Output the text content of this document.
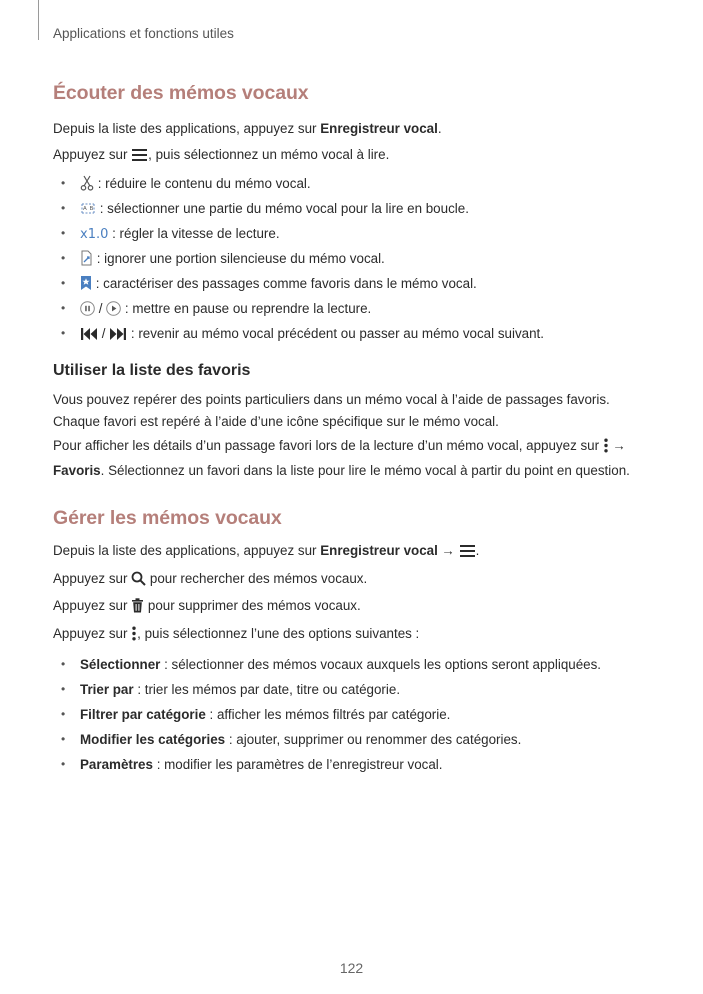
Applications et fonctions utiles
Écouter des mémos vocaux

Depuis la liste des applications, appuyez sur Enregistreur vocal.

Appuyez sur , puis sélectionnez un mémo vocal à lire.

• : réduire le contenu du mémo vocal.
•	A B : sélectionner une partie du mémo vocal pour la lire en boucle.
• x1.0 : régler la vitesse de lecture.
• : ignorer une portion silencieuse du mémo vocal.
• : caractériser des passages comme favoris dans le mémo vocal.
• /  : mettre en pause ou reprendre la lecture.
• /  : revenir au mémo vocal précédent ou passer au mémo vocal suivant.
Utiliser la liste des favoris

Vous pouvez repérer des points particuliers dans un mémo vocal à l’aide de passages favoris. Chaque favori est repéré à l’aide d’une icône spécifique sur le mémo vocal.

Pour afficher les détails d’un passage favori lors de la lecture d’un mémo vocal, appuyez sur  →
Favoris. Sélectionnez un favori dans la liste pour lire le mémo vocal à partir du point en question.

Gérer les mémos vocaux

Depuis la liste des applications, appuyez sur Enregistreur vocal → .

Appuyez sur  pour rechercher des mémos vocaux.

Appuyez sur  pour supprimer des mémos vocaux.

Appuyez sur , puis sélectionnez l’une des options suivantes :

• Sélectionner : sélectionner des mémos vocaux auxquels les options seront appliquées.
• Trier par : trier les mémos par date, titre ou catégorie.
• Filtrer par catégorie : afficher les mémos filtrés par catégorie.
• Modifier les catégories : ajouter, supprimer ou renommer des catégories.
• Paramètres : modifier les paramètres de l’enregistreur vocal.
122
